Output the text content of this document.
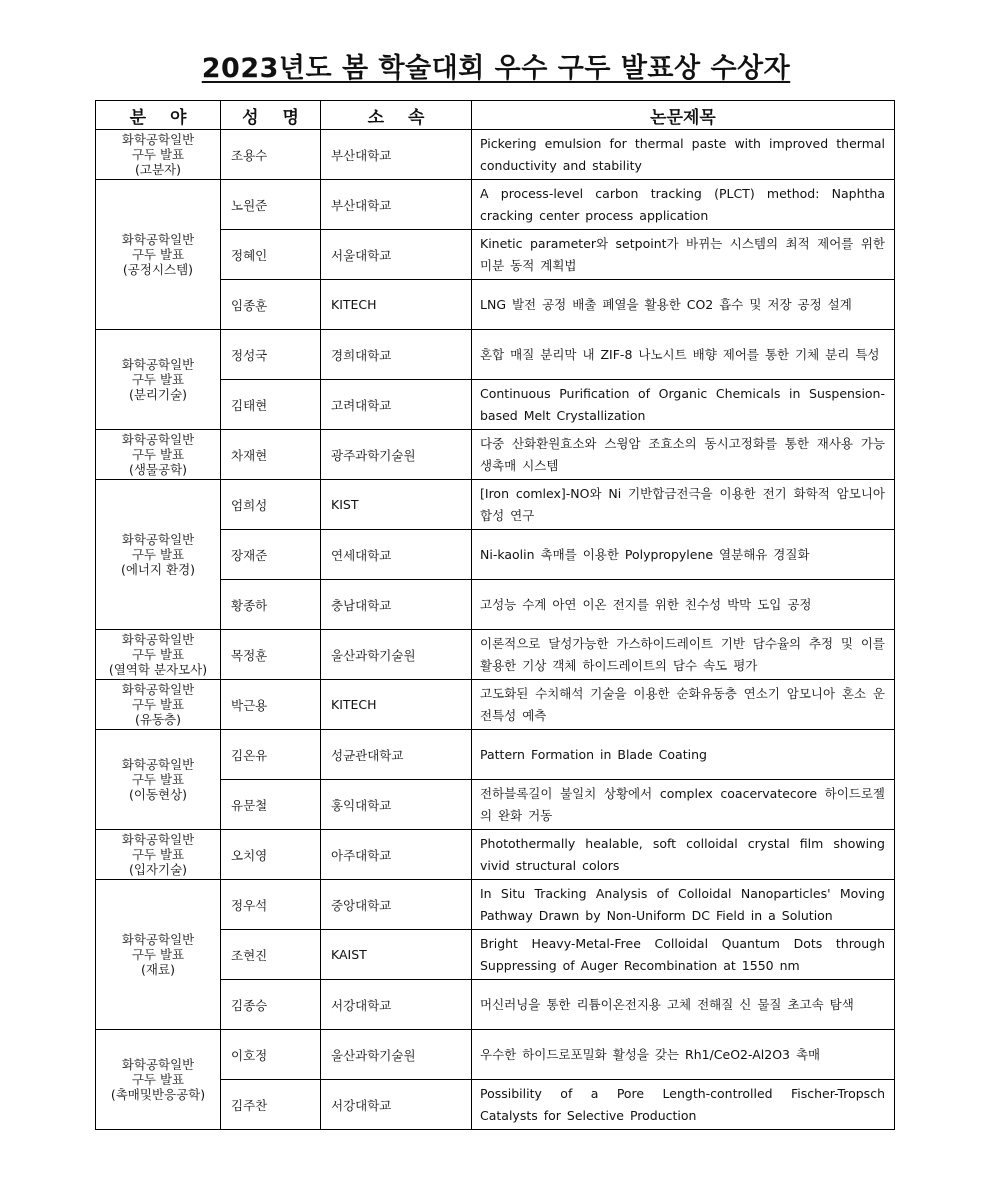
2023년도 봄 학술대회 우수 구두 발표상 수상자
분 야	성 명	소 속	논문제목

화학공학일반
구두 발표
(고분자)	조용수	부산대학교	Pickering emulsion for thermal paste with improved thermal conductivity and stability

화학공학일반
구두 발표
(공정시스템)	노원준	부산대학교	A process-level carbon tracking (PLCT) method: Naphtha cracking center process application
	정혜인	서울대학교	Kinetic parameter와 setpoint가 바뀌는 시스템의 최적 제어를 위한 미분 동적 계획법
	임종훈	KITECH	LNG 발전 공정 배출 폐열을 활용한 CO2 흡수 및 저장 공정 설계

화학공학일반
구두 발표
(분리기술)	정성국	경희대학교	혼합 매질 분리막 내 ZIF-8 나노시트 배향 제어를 통한 기체 분리 특성
	김태현	고려대학교	Continuous Purification of Organic Chemicals in Suspension-based Melt Crystallization

화학공학일반
구두 발표
(생물공학)	차재현	광주과학기술원	다중 산화환원효소와 스윙암 조효소의 동시고정화를 통한 재사용 가능 생촉매 시스템

화학공학일반
구두 발표
(에너지 환경)	엄희성	KIST	[Iron comlex]-NO와 Ni 기반합금전극을 이용한 전기 화학적 암모니아 합성 연구
	장재준	연세대학교	Ni-kaolin 촉매를 이용한 Polypropylene 열분해유 경질화
	황종하	충남대학교	고성능 수계 아연 이온 전지를 위한 친수성 박막 도입 공정

화학공학일반
구두 발표
(열역학 분자모사)	목정훈	울산과학기술원	이론적으로 달성가능한 가스하이드레이트 기반 담수율의 추정 및 이를 활용한 기상 객체 하이드레이트의 담수 속도 평가

화학공학일반
구두 발표
(유동층)	박근용	KITECH	고도화된 수치해석 기술을 이용한 순화유동층 연소기 암모니아 혼소 운전특성 예측

화학공학일반
구두 발표
(이동현상)	김온유	성균관대학교	Pattern Formation in Blade Coating
	유문철	홍익대학교	전하블록길이 불일치 상황에서 complex coacervatecore 하이드로젤의 완화 거동

화학공학일반
구두 발표
(입자기술)	오치영	아주대학교	Photothermally healable, soft colloidal crystal film showing vivid structural colors

화학공학일반
구두 발표
(재료)	정우석	중앙대학교	In Situ Tracking Analysis of Colloidal Nanoparticles' Moving Pathway Drawn by Non-Uniform DC Field in a Solution
	조현진	KAIST	Bright Heavy-Metal-Free Colloidal Quantum Dots through Suppressing of Auger Recombination at 1550 nm
	김종승	서강대학교	머신러닝을 통한 리튬이온전지용 고체 전해질 신 물질 초고속 탐색

화학공학일반
구두 발표
(촉매및반응공학)	이호정	울산과학기술원	우수한 하이드로포밀화 활성을 갖는 Rh1/CeO2-Al2O3 촉매
	김주찬	서강대학교	Possibility of a Pore Length-controlled Fischer-Tropsch Catalysts for Selective Production
